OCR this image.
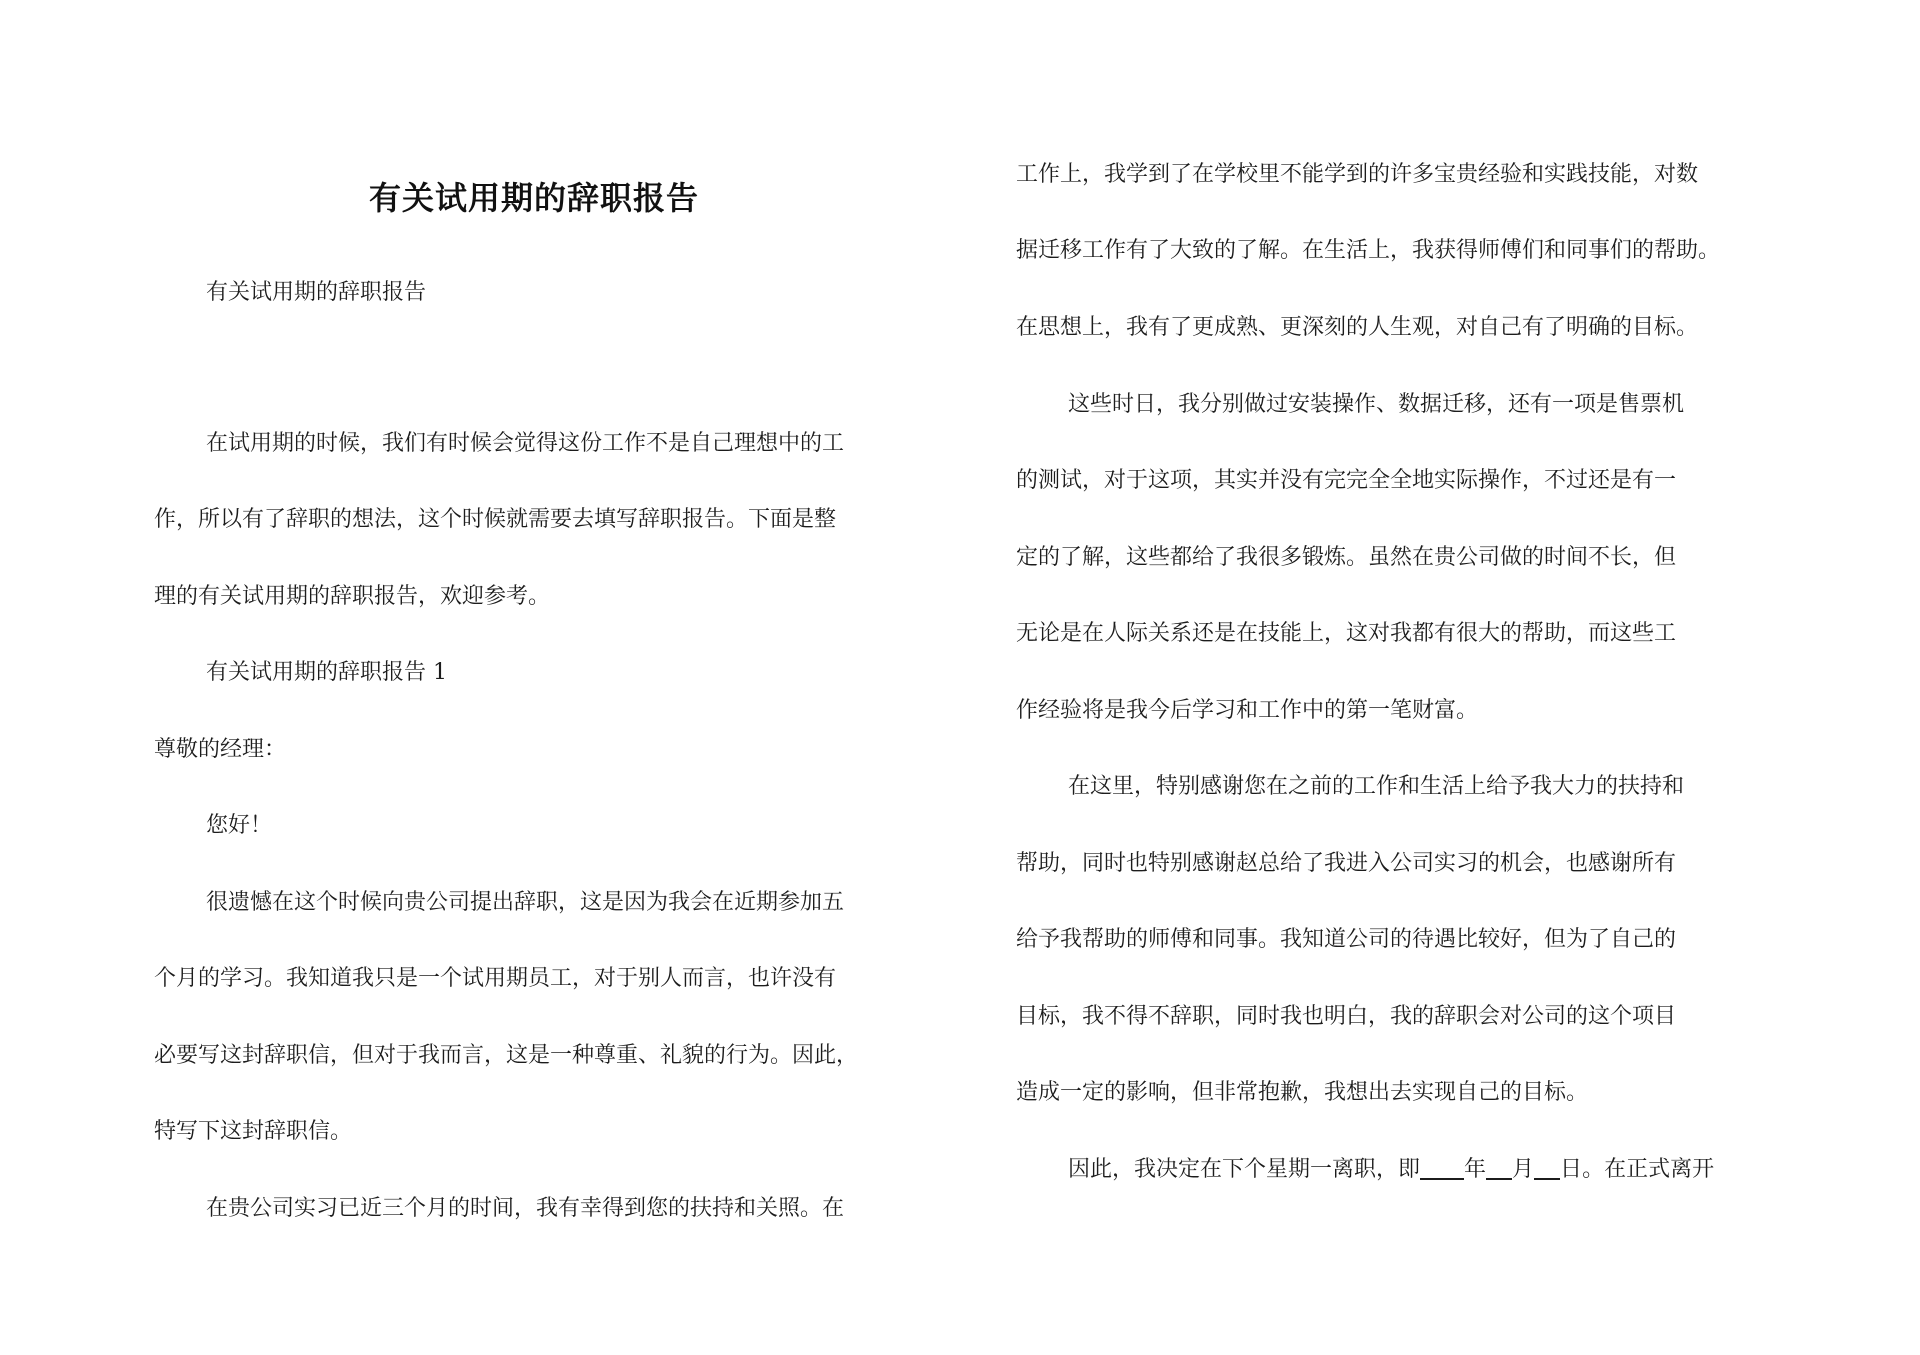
有关试用期的辞职报告
有关试用期的辞职报告
在试用期的时候，我们有时候会觉得这份工作不是自己理想中的工
作，所以有了辞职的想法，这个时候就需要去填写辞职报告。下面是整
理的有关试用期的辞职报告，欢迎参考。
有关试用期的辞职报告 1
尊敬的经理：
您好！
很遗憾在这个时候向贵公司提出辞职，这是因为我会在近期参加五
个月的学习。我知道我只是一个试用期员工，对于别人而言，也许没有
必要写这封辞职信，但对于我而言，这是一种尊重、礼貌的行为。因此，
特写下这封辞职信。
在贵公司实习已近三个月的时间，我有幸得到您的扶持和关照。在
工作上，我学到了在学校里不能学到的许多宝贵经验和实践技能，对数
据迁移工作有了大致的了解。在生活上，我获得师傅们和同事们的帮助。
在思想上，我有了更成熟、更深刻的人生观，对自己有了明确的目标。
这些时日，我分别做过安装操作、数据迁移，还有一项是售票机
的测试，对于这项，其实并没有完完全全地实际操作，不过还是有一
定的了解，这些都给了我很多锻炼。虽然在贵公司做的时间不长，但
无论是在人际关系还是在技能上，这对我都有很大的帮助，而这些工
作经验将是我今后学习和工作中的第一笔财富。
在这里，特别感谢您在之前的工作和生活上给予我大力的扶持和
帮助，同时也特别感谢赵总给了我进入公司实习的机会，也感谢所有
给予我帮助的师傅和同事。我知道公司的待遇比较好，但为了自己的
目标，我不得不辞职，同时我也明白，我的辞职会对公司的这个项目
造成一定的影响，但非常抱歉，我想出去实现自己的目标。
因此，我决定在下个星期一离职，即 年 月 日。在正式离开
